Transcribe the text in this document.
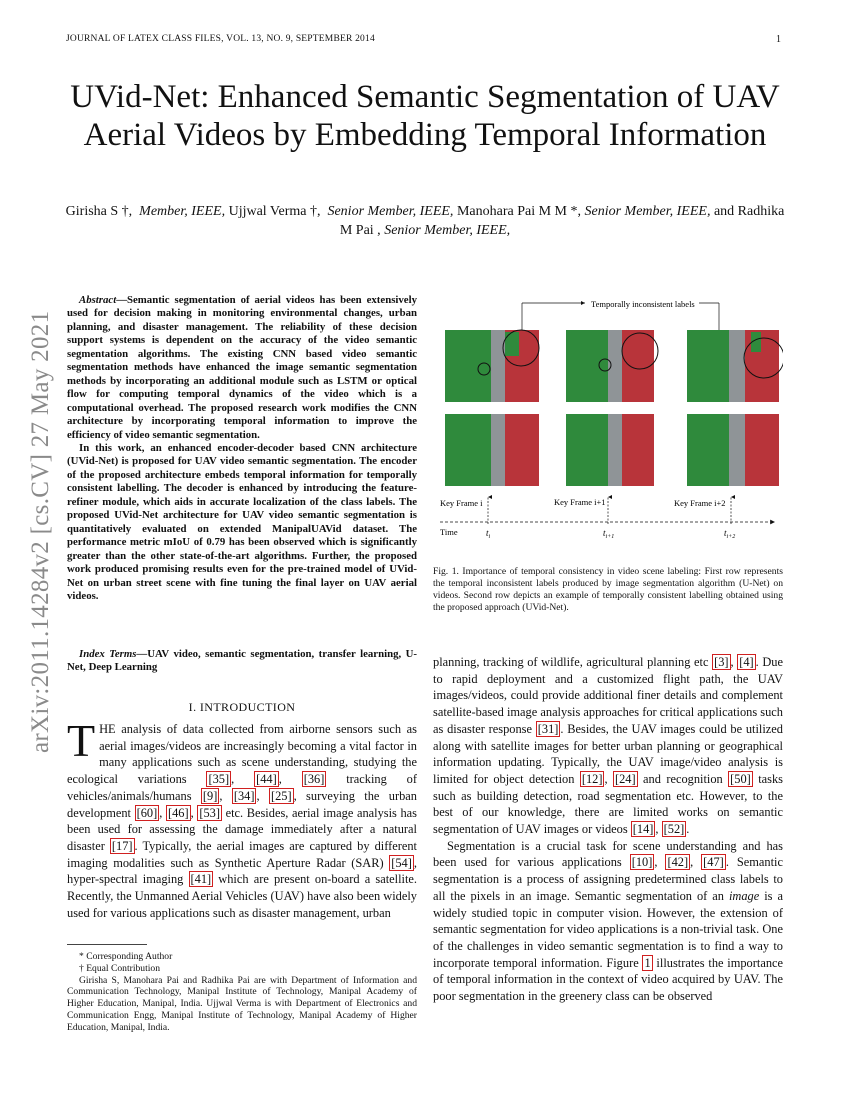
JOURNAL OF LATEX CLASS FILES, VOL. 13, NO. 9, SEPTEMBER 2014	1
arXiv:2011.14284v2 [cs.CV] 27 May 2021
UVid-Net: Enhanced Semantic Segmentation of UAV Aerial Videos by Embedding Temporal Information
Girisha S †, Member, IEEE, Ujjwal Verma †, Senior Member, IEEE, Manohara Pai M M *, Senior Member, IEEE, and Radhika M Pai , Senior Member, IEEE,

Abstract—Semantic segmentation of aerial videos has been extensively used for decision making in monitoring environmental changes, urban planning, and disaster management. The reliability of these decision support systems is dependent on the accuracy of the video semantic segmentation algorithms. The existing CNN based video semantic segmentation methods have enhanced the image semantic segmentation methods by incorporating an additional module such as LSTM or optical flow for computing temporal dynamics of the video which is a computational overhead. The proposed research work modifies the CNN architecture by incorporating temporal information to improve the efficiency of video semantic segmentation.

In this work, an enhanced encoder-decoder based CNN architecture (UVid-Net) is proposed for UAV video semantic segmentation. The encoder of the proposed architecture embeds temporal information for temporally consistent labelling. The decoder is enhanced by introducing the feature-refiner module, which aids in accurate localization of the class labels. The proposed UVid-Net architecture for UAV video semantic segmentation is quantitatively evaluated on extended ManipalUAVid dataset. The performance metric mIoU of 0.79 has been observed which is significantly greater than the other state-of-the-art algorithms. Further, the proposed work produced promising results even for the pre-trained model of UVid-Net on urban street scene with fine tuning the final layer on UAV aerial videos.

Index Terms—UAV video, semantic segmentation, transfer learning, U-Net, Deep Learning
I. INTRODUCTION
THE analysis of data collected from airborne sensors such as aerial images/videos are increasingly becoming a vital factor in many applications such as scene understanding, studying the ecological variations [35] , [44] , [36] tracking of vehicles/animals/humans [9] , [34] , [25] , surveying the urban development [60] , [46] , [53] etc. Besides, aerial image analysis has been used for assessing the damage immediately after a natural disaster [17] . Typically, the aerial images are captured by different imaging modalities such as Synthetic Aperture Radar (SAR) [54] , hyper-spectral imaging [41] which are present on-board a satellite. Recently, the Unmanned Aerial Vehicles (UAV) have also been widely used for various applications such as disaster management, urban

* Corresponding Author

† Equal Contribution

Girisha S, Manohara Pai and Radhika Pai are with Department of Information and Communication Technology, Manipal Institute of Technology, Manipal Academy of Higher Education, Manipal, India. Ujjwal Verma is with Department of Electronics and Communication Engg, Manipal Institute of Technology, Manipal Academy of Higher Education, Manipal, India.

Temporally inconsistent labels
Key Frame i	Key Frame i+1	Key Frame i+2
Time	$t_i$	$t_{i+1}$	$t_{i+2}$
Fig. 1. Importance of temporal consistency in video scene labeling: First row represents the temporal inconsistent labels produced by image segmentation algorithm (U-Net) on videos. Second row depicts an example of temporally consistent labelling obtained using the proposed approach (UVid-Net).

planning, tracking of wildlife, agricultural planning etc [3] , [4] . Due to rapid deployment and a customized flight path, the UAV images/videos, could provide additional finer details and complement satellite-based image analysis approaches for critical applications such as disaster response [31] . Besides, the UAV images could be utilized along with satellite images for better urban planning or geographical information updating. Typically, the UAV image/video analysis is limited for object detection [12] , [24] and recognition [50] tasks such as building detection, road segmentation etc. However, to the best of our knowledge, there are limited works on semantic segmentation of UAV images or videos [14] , [52] .

Segmentation is a crucial task for scene understanding and has been used for various applications [10] , [42] , [47] . Semantic segmentation is a process of assigning predetermined class labels to all the pixels in an image. Semantic segmentation of an image is a widely studied topic in computer vision. However, the extension of semantic segmentation for video applications is a non-trivial task. One of the challenges in video semantic segmentation is to find a way to incorporate temporal information. Figure 1 illustrates the importance of temporal information in the context of video acquired by UAV. The poor segmentation in the greenery class can be observed
